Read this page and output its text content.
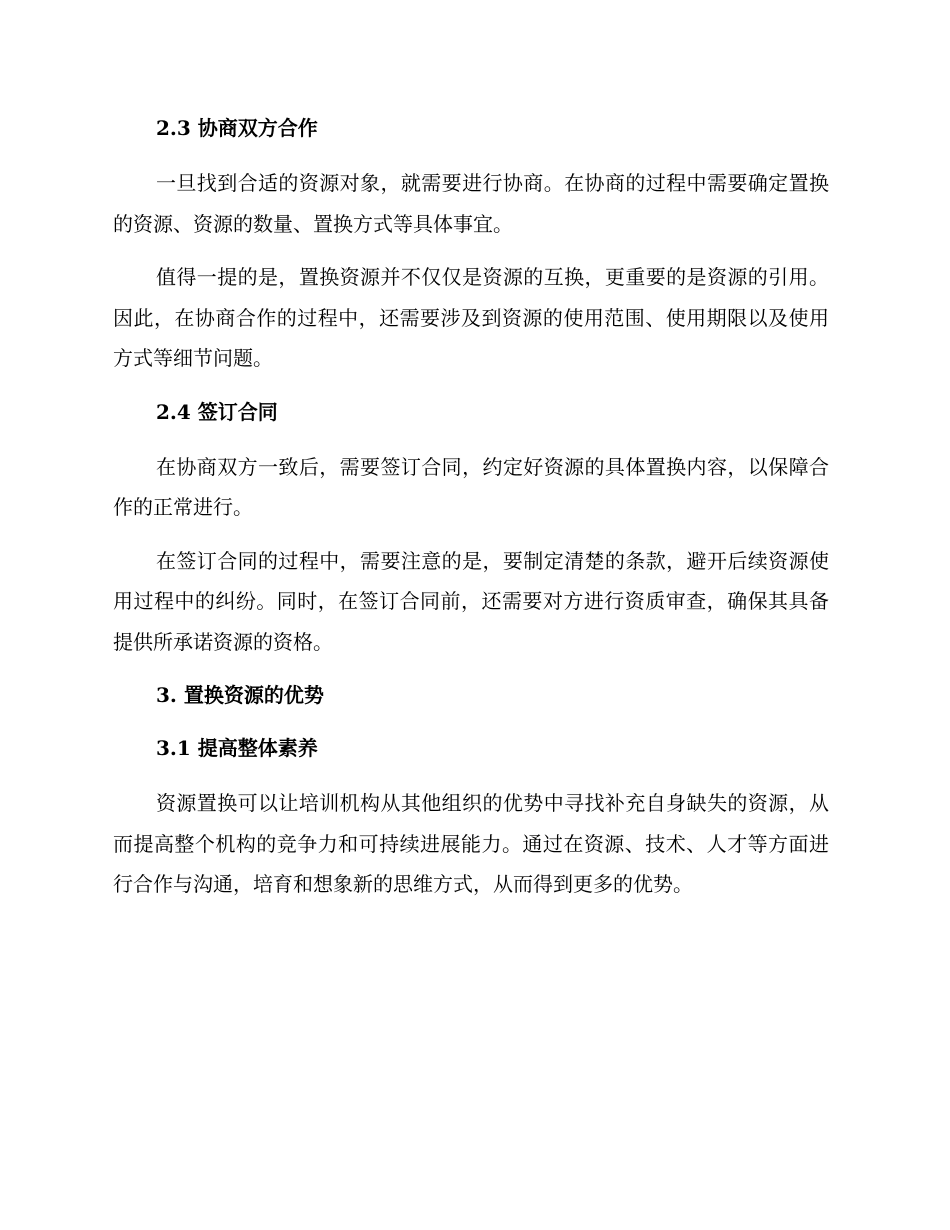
2.3 协商双方合作

一旦找到合适的资源对象，就需要进行协商。在协商的过程中需要确定置换的资源、资源的数量、置换方式等具体事宜。

值得一提的是，置换资源并不仅仅是资源的互换，更重要的是资源的引用。因此，在协商合作的过程中，还需要涉及到资源的使用范围、使用期限以及使用方式等细节问题。

2.4 签订合同

在协商双方一致后，需要签订合同，约定好资源的具体置换内容，以保障合作的正常进行。

在签订合同的过程中，需要注意的是，要制定清楚的条款，避开后续资源使用过程中的纠纷。同时，在签订合同前，还需要对方进行资质审查，确保其具备提供所承诺资源的资格。

3. 置换资源的优势
3.1 提高整体素养

资源置换可以让培训机构从其他组织的优势中寻找补充自身缺失的资源，从而提高整个机构的竞争力和可持续进展能力。通过在资源、技术、人才等方面进行合作与沟通，培育和想象新的思维方式，从而得到更多的优势。
